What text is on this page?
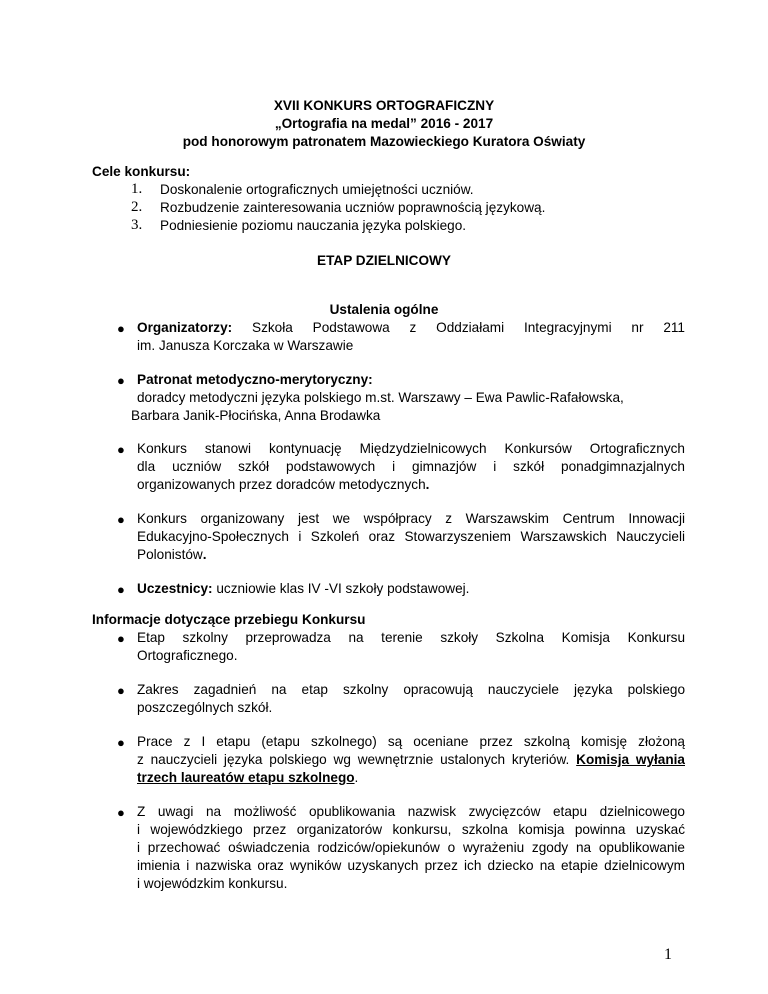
XVII KONKURS ORTOGRAFICZNY
„Ortografia na medal” 2016 - 2017
pod honorowym patronatem Mazowieckiego Kuratora Oświaty
Cele konkursu:
1. Doskonalenie ortograficznych umiejętności uczniów.
2. Rozbudzenie zainteresowania uczniów poprawnością językową.
3. Podniesienie poziomu nauczania języka polskiego.
ETAP DZIELNICOWY
Ustalenia ogólne
● Organizatorzy: Szkoła Podstawowa z Oddziałami Integracyjnymi nr 211
im. Janusza Korczaka w Warszawie
● Patronat metodyczno-merytoryczny:
doradcy metodyczni języka polskiego m.st. Warszawy – Ewa Pawlic-Rafałowska,
Barbara Janik-Płocińska, Anna Brodawka
● Konkurs stanowi kontynuację Międzydzielnicowych Konkursów Ortograficznych
dla uczniów szkół podstawowych i gimnazjów i szkół ponadgimnazjalnych
organizowanych przez doradców metodycznych.
● Konkurs organizowany jest we współpracy z Warszawskim Centrum Innowacji
Edukacyjno-Społecznych i Szkoleń oraz Stowarzyszeniem Warszawskich Nauczycieli
Polonistów.
● Uczestnicy: uczniowie klas IV -VI szkoły podstawowej.
Informacje dotyczące przebiegu Konkursu
● Etap szkolny przeprowadza na terenie szkoły Szkolna Komisja Konkursu
Ortograficznego.
● Zakres zagadnień na etap szkolny opracowują nauczyciele języka polskiego
poszczególnych szkół.
● Prace z I etapu (etapu szkolnego) są oceniane przez szkolną komisję złożoną
z nauczycieli języka polskiego wg wewnętrznie ustalonych kryteriów. Komisja wyłania
trzech laureatów etapu szkolnego.
● Z uwagi na możliwość opublikowania nazwisk zwycięzców etapu dzielnicowego
i wojewódzkiego przez organizatorów konkursu, szkolna komisja powinna uzyskać
i przechować oświadczenia rodziców/opiekunów o wyrażeniu zgody na opublikowanie
imienia i nazwiska oraz wyników uzyskanych przez ich dziecko na etapie dzielnicowym
i wojewódzkim konkursu.
1
